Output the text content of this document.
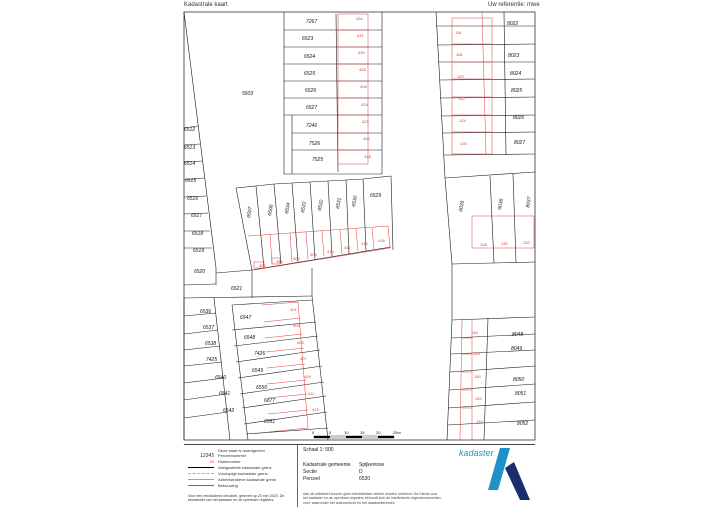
Kadastrale kaart	Uw referentie: mwe
7267
6523
6524
6525
6526
6527
7246
7526
7525
5503
6512
6513
6514
6515
6516
6517
6518
6519
6520
6521
6507	6508 6534 6533 6532 6531 6530 6529
8022
8023
8024
8025
8026
8027
6036	6038	8037
6536
6537
6538
7425
6540
6541
6542
6547
6548
7426
6549
6550
6877
6551
8048
8049
8050
8051
8052
434
432
430
428
426
424
422
420
418
116
118
120
122
124
126
402
404
406
408
410
412
414
416
128	130	132
401
403
405
407
409
411
413
146
148
150
152
154
0	5	10	15	20	25m
Deze kaart is noordgericht
12345 Perceelnummer
25 Huisnummer
Vastgestelde kadastrale grens
Voorlopige kadastrale grens
Administratieve kadastrale grens
Bebouwing
Voor een eenduidend uitvoksel, gelevert op 23 mei 2020. De bewaardet van het kadaster en de openbare registers.
Schaal 1: 500
Kadastrale gemeente Spijkenisse
Sectie	D
Perceel	6530
Aan dit uittreksel kunnen geen bemiddelaar rekeen worden ontleend. De Dienst voor het kadaster en de openbare registers behoudt zich de intellectuele eigendomsrechten voor, waaronder het auteursrecht en het databankenrecht.
kadaster
